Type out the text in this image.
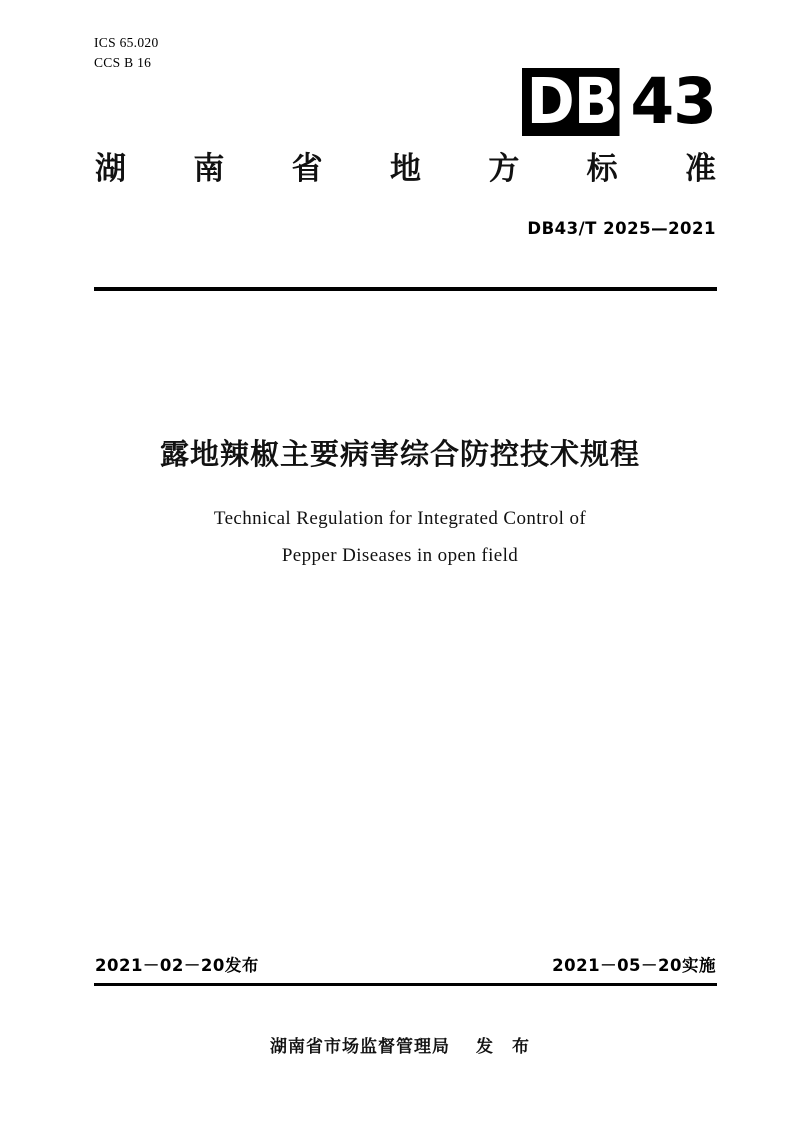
ICS 65.020
CCS B 16
DB 43
湖 南 省 地 方 标 准
DB43/T 2025—2021
露地辣椒主要病害综合防控技术规程
Technical Regulation for Integrated Control of
Pepper Diseases in open field
2021－02－20发布	2021－05－20实施
湖南省市场监督管理局 发　布
